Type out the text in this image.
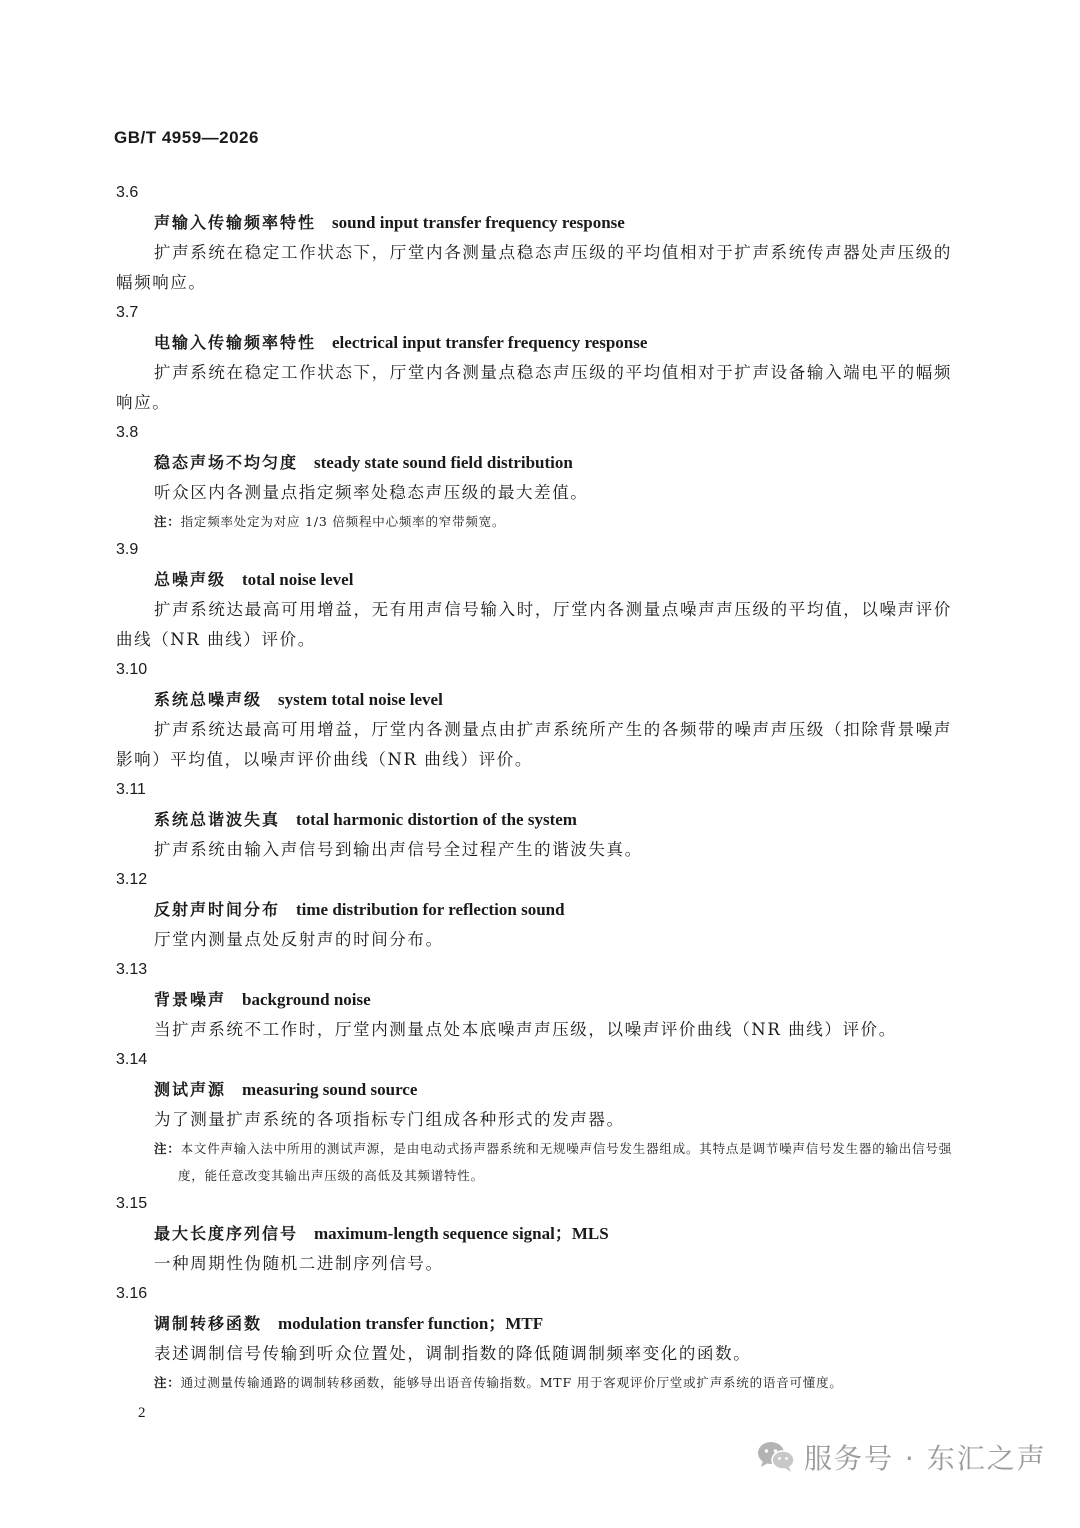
GB/T 4959—2026
3.6
声输入传输频率特性 sound input transfer frequency response
扩声系统在稳定工作状态下，厅堂内各测量点稳态声压级的平均值相对于扩声系统传声器处声压级的幅频响应。
3.7
电输入传输频率特性 electrical input transfer frequency response
扩声系统在稳定工作状态下，厅堂内各测量点稳态声压级的平均值相对于扩声设备输入端电平的幅频响应。
3.8
稳态声场不均匀度 steady state sound field distribution
听众区内各测量点指定频率处稳态声压级的最大差值。
注：指定频率处定为对应 1/3 倍频程中心频率的窄带频宽。
3.9
总噪声级 total noise level
扩声系统达最高可用增益，无有用声信号输入时，厅堂内各测量点噪声声压级的平均值，以噪声评价曲线（NR 曲线）评价。
3.10
系统总噪声级 system total noise level
扩声系统达最高可用增益，厅堂内各测量点由扩声系统所产生的各频带的噪声声压级（扣除背景噪声影响）平均值，以噪声评价曲线（NR 曲线）评价。
3.11
系统总谐波失真 total harmonic distortion of the system
扩声系统由输入声信号到输出声信号全过程产生的谐波失真。
3.12
反射声时间分布 time distribution for reflection sound
厅堂内测量点处反射声的时间分布。
3.13
背景噪声 background noise
当扩声系统不工作时，厅堂内测量点处本底噪声声压级，以噪声评价曲线（NR 曲线）评价。
3.14
测试声源 measuring sound source
为了测量扩声系统的各项指标专门组成各种形式的发声器。
注：本文件声输入法中所用的测试声源，是由电动式扬声器系统和无规噪声信号发生器组成。其特点是调节噪声信号发生器的输出信号强度，能任意改变其输出声压级的高低及其频谱特性。
3.15
最大长度序列信号 maximum-length sequence signal；MLS
一种周期性伪随机二进制序列信号。
3.16
调制转移函数 modulation transfer function；MTF
表述调制信号传输到听众位置处，调制指数的降低随调制频率变化的函数。
注：通过测量传输通路的调制转移函数，能够导出语音传输指数。MTF 用于客观评价厅堂或扩声系统的语音可懂度。
2
服务号 · 东汇之声
